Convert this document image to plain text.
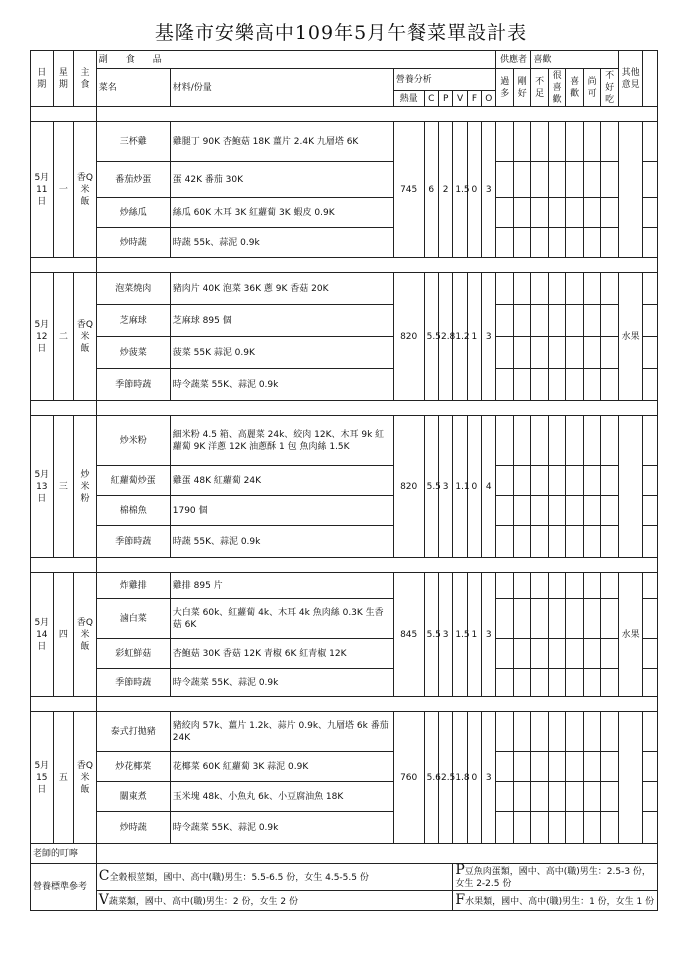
基隆市安樂高中109年5月午餐菜單設計表
日期	星期	主食	副　　食　　品								供應者		喜歡					其他意見	
			菜名	材料/份量	營養分析						過多	剛好	不足	很喜歡	喜歡	尚可	不好吃		
					熱量	C	P	V	F	O									

5月11日	一	香Q米飯	三杯雞	雞腿丁 90K 杏鮑菇 18K 薑片 2.4K 九層塔 6K	745	6	2	1.5	0	3									
			番茄炒蛋	蛋 42K 番茄 30K															
			炒絲瓜	絲瓜 60K 木耳 3K 紅蘿蔔 3K 蝦皮 0.9K															
			炒時蔬	時蔬 55k、蒜泥 0.9k															

5月12日	二	香Q米飯	泡菜燒肉	豬肉片 40K 泡菜 36K 蔥 9K 香菇 20K	820	5.5	2.8	1.2	1	3								水果	
			芝麻球	芝麻球 895 個															
			炒菠菜	菠菜 55K 蒜泥 0.9K															
			季節時蔬	時令蔬菜 55K、蒜泥 0.9k															

5月13日	三	炒米粉	炒米粉	細米粉 4.5 箱、高麗菜 24k、絞肉 12K、木耳 9k 紅蘿蔔 9K 洋蔥 12K 油蔥酥 1 包 魚肉絲 1.5K	820	5.5	3	1.1	0	4									
			紅蘿蔔炒蛋	雞蛋 48K 紅蘿蔔 24K															
			棉棉魚	1790 個															
			季節時蔬	時蔬 55K、蒜泥 0.9k															

5月14日	四	香Q米飯	炸雞排	雞排 895 片	845	5.5	3	1.5	1	3								水果	
			滷白菜	大白菜 60k、紅蘿蔔 4k、木耳 4k 魚肉絲 0.3K 生香菇 6K															
			彩虹鮮菇	杏鮑菇 30K 香菇 12K 青椒 6K 紅青椒 12K															
			季節時蔬	時令蔬菜 55K、蒜泥 0.9k															

5月15日	五	香Q米飯	泰式打拋豬	豬絞肉 57k、薑片 1.2k、蒜片 0.9k、九層塔 6k 番茄 24K	760	5.6	2.5	1.8	0	3									
			炒花椰菜	花椰菜 60K 紅蘿蔔 3K 蒜泥 0.9K															
			關東煮	玉米塊 48k、小魚丸 6k、小豆腐油魚 18K															
			炒時蔬	時令蔬菜 55K、蒜泥 0.9k															
老師的叮嚀																			
營養標準參考			C全穀根莖類，國中、高中(職)男生：5.5-6.5 份，女生 4.5-5.5 份					P豆魚肉蛋類，國中、高中(職)男生：2.5-3 份，女生 2-2.5 份											
			V蔬菜類，國中、高中(職)男生：2 份，女生 2 份					F水果類，國中、高中(職)男生：1 份，女生 1 份											
